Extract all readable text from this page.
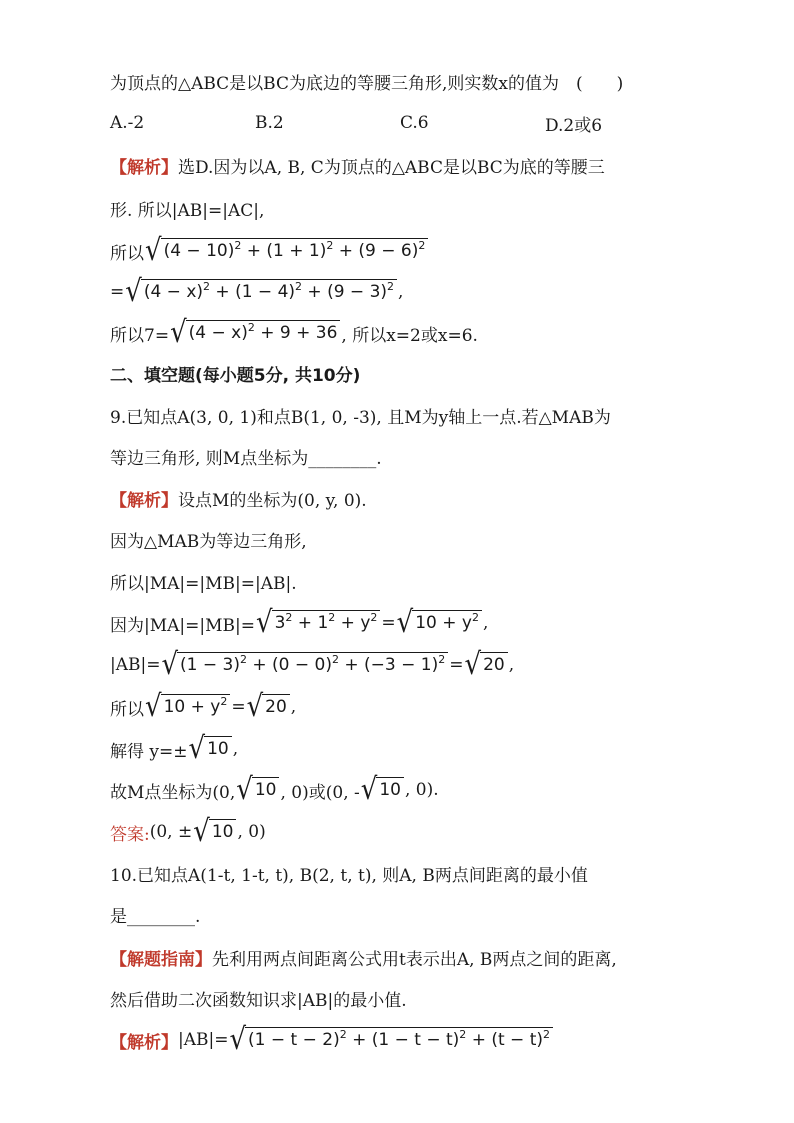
为顶点的△ABC是以BC为底边的等腰三角形,则实数x的值为　(　　)
A.-2	B.2	C.6	D.2或6
【解析】 选D.因为以A, B, C为顶点的△ABC是以BC为底的等腰三
形. 所以|AB|=|AC|,
所以 √ $(4 - 10)^2 + (1 + 1)^2 + (9 - 6)^2$
= √ $(4 - x)^2 + (1 - 4)^2 + (9 - 3)^2$ ,
所以7= √ $(4 - x)^2 + 9 + 36$ , 所以x=2或x=6.
二、填空题(每小题5分, 共10分)
9.已知点A(3, 0, 1)和点B(1, 0, -3), 且M为y轴上一点.若△MAB为
等边三角形, 则M点坐标为________.
【解析】 设点M的坐标为(0, y, 0).
因为△MAB为等边三角形,
所以|MA|=|MB|=|AB|.
因为|MA|=|MB|= √ $3^2 + 1^2 + y^2$ = √ $10 + y^2$ ,
|AB|= √ $(1 - 3)^2 + (0 - 0)^2 + (-3 - 1)^2$ = √ 20 ,
所以 √ $10 + y^2$ = √ 20 ,
解得 y=± √ 10 ,
故M点坐标为(0, √ 10 , 0)或(0, - √ 10 , 0).
答案: (0, ± √ 10 , 0)
10.已知点A(1-t, 1-t, t), B(2, t, t), 则A, B两点间距离的最小值
是________.
【解题指南】 先利用两点间距离公式用t表示出A, B两点之间的距离,
然后借助二次函数知识求|AB|的最小值.
【解析】 |AB|= √ $(1 - t - 2)^2 + (1 - t - t)^2 + (t - t)^2$
